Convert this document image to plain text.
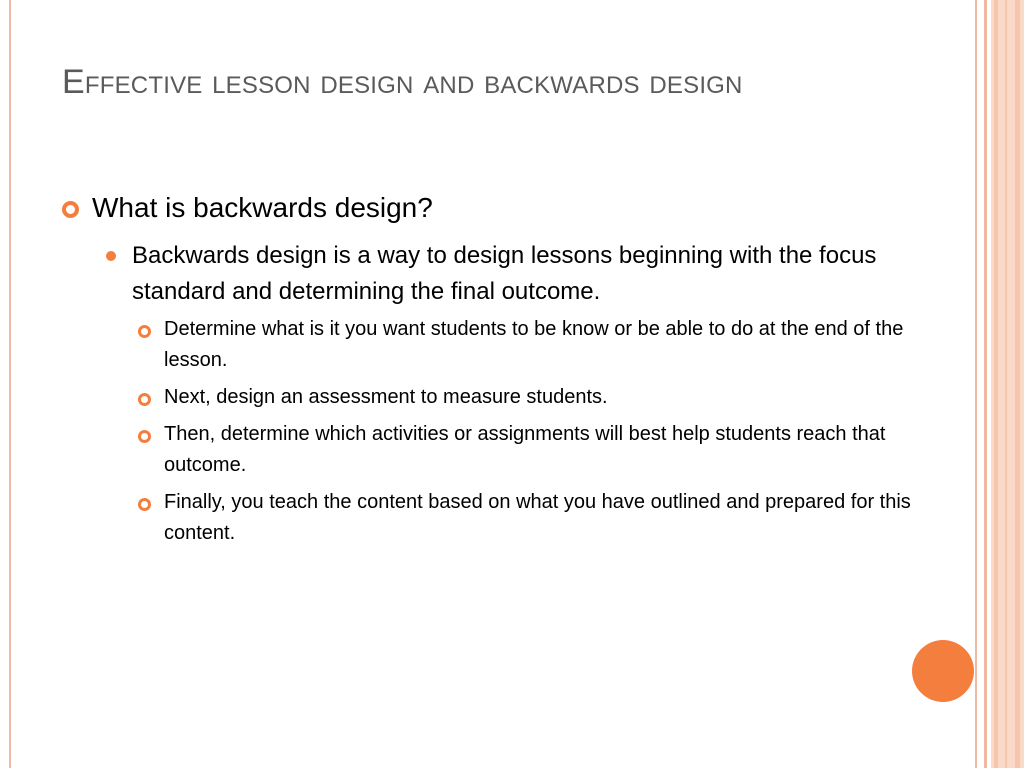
Effective lesson design and backwards design
What is backwards design?
Backwards design is a way to design lessons beginning with the focus standard and determining the final outcome.
Determine what is it you want students to be know or be able to do at the end of the lesson.
Next, design an assessment to measure students.
Then, determine which activities or assignments will best help students reach that outcome.
Finally, you teach the content based on what you have outlined and prepared for this content.
